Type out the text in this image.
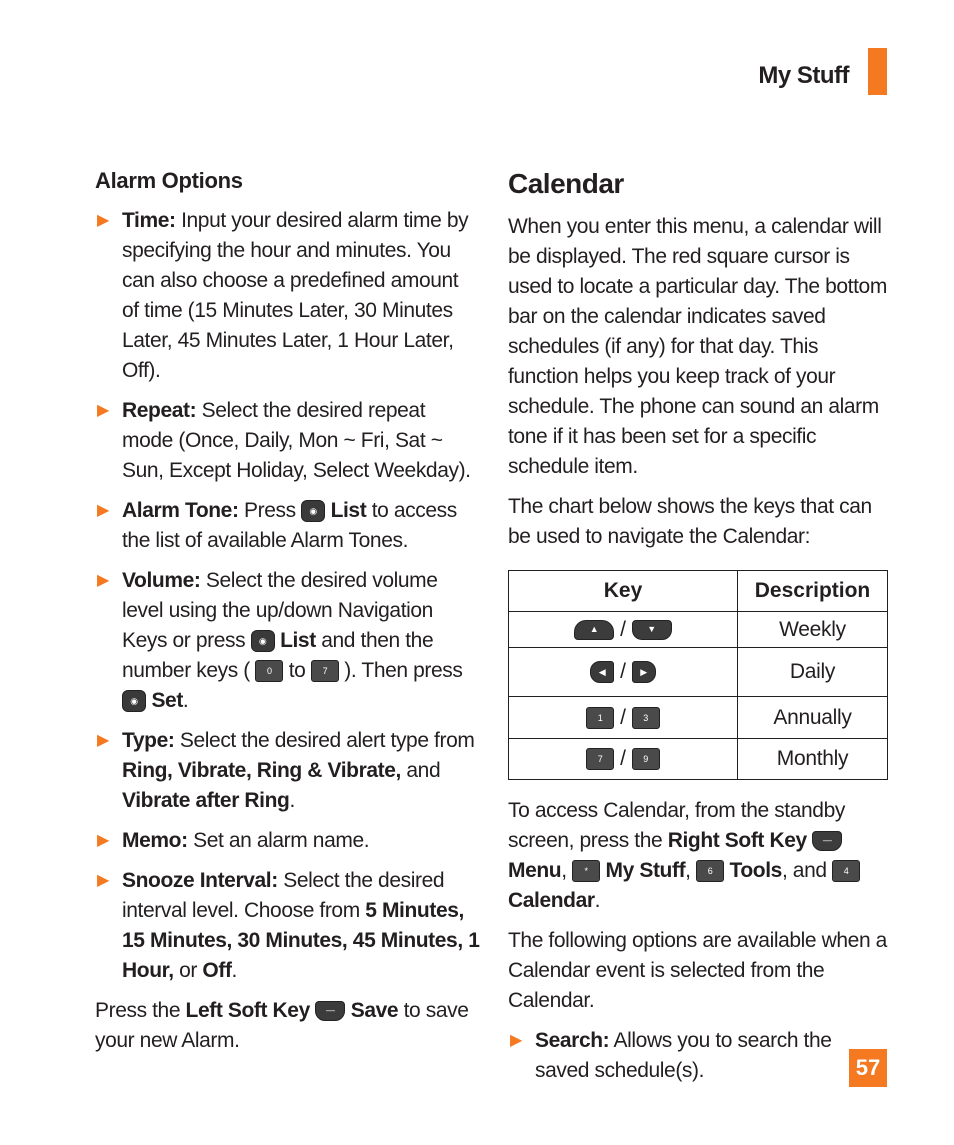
My Stuff
Alarm Options
▶ Time: Input your desired alarm time by specifying the hour and minutes. You can also choose a predefined amount of time (15 Minutes Later, 30 Minutes Later, 45 Minutes Later, 1 Hour Later, Off).
▶ Repeat: Select the desired repeat mode (Once, Daily, Mon ~ Fri, Sat ~ Sun, Except Holiday, Select Weekday).
▶ Alarm Tone: Press ◉ List to access the list of available Alarm Tones.
▶ Volume: Select the desired volume level using the up/down Navigation Keys or press ◉ List and then the number keys ( 0 to 7 ). Then press ◉ Set.
▶ Type: Select the desired alert type from Ring, Vibrate, Ring & Vibrate, and Vibrate after Ring.
▶ Memo: Set an alarm name.
▶ Snooze Interval: Select the desired interval level. Choose from 5 Minutes, 15 Minutes, 30 Minutes, 45 Minutes, 1 Hour, or Off.
Press the Left Soft Key — Save to save your new Alarm.
Calendar
When you enter this menu, a calendar will be displayed. The red square cursor is used to locate a particular day. The bottom bar on the calendar indicates saved schedules (if any) for that day. This function helps you keep track of your schedule. The phone can sound an alarm tone if it has been set for a specific schedule item.
The chart below shows the keys that can be used to navigate the Calendar:
Key	Description
▲ / ▼	Weekly
◀ / ▶	Daily
1 / 3	Annually
7 / 9	Monthly
To access Calendar, from the standby screen, press the Right Soft Key — Menu, * My Stuff, 6 Tools, and 4 Calendar.
The following options are available when a Calendar event is selected from the Calendar.
▶ Search: Allows you to search the saved schedule(s).	57
